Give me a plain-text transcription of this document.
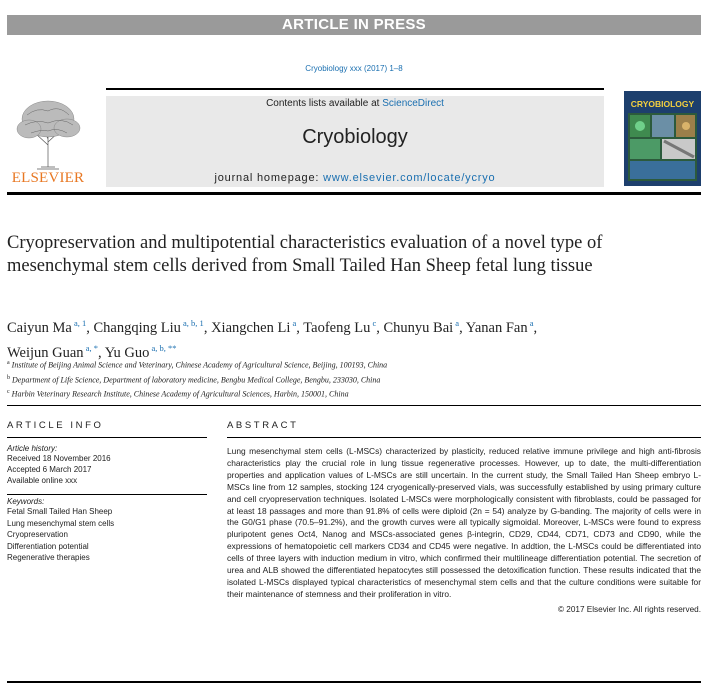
ARTICLE IN PRESS
Cryobiology xxx (2017) 1–8
ELSEVIER
Contents lists available at ScienceDirect
Cryobiology
journal homepage: www.elsevier.com/locate/ycryo
CRYOBIOLOGY
Cryopreservation and multipotential characteristics evaluation of a novel type of mesenchymal stem cells derived from Small Tailed Han Sheep fetal lung tissue
Caiyun Ma $^{a, 1}$, Changqing Liu $^{a, b, 1}$, Xiangchen Li $^a$, Taofeng Lu $^c$, Chunyu Bai $^a$, Yanan Fan $^a$,
Weijun Guan $^{a, *}$, Yu Guo $^{a, b, **}$
$^a$ Institute of Beijing Animal Science and Veterinary, Chinese Academy of Agricultural Science, Beijing, 100193, China
$^b$ Department of Life Science, Department of laboratory medicine, Bengbu Medical College, Bengbu, 233030, China
$^c$ Harbin Veterinary Research Institute, Chinese Academy of Agricultural Sciences, Harbin, 150001, China
ARTICLE INFO
Article history:
Received 18 November 2016
Accepted 6 March 2017
Available online xxx
Keywords:
Fetal Small Tailed Han Sheep
Lung mesenchymal stem cells
Cryopreservation
Differentiation potential
Regenerative therapies
ABSTRACT
Lung mesenchymal stem cells (L-MSCs) characterized by plasticity, reduced relative immune privilege and high anti-fibrosis characteristics play the crucial role in lung tissue regenerative processes. However, up to date, the multi-differentiation properties and application values of L-MSCs are still uncertain. In the current study, the Small Tailed Han Sheep embryo L-MSCs line from 12 samples, stocking 124 cryogenically-preserved vials, was successfully established by using primary culture and cell cryopreservation techniques. Isolated L-MSCs were morphologically consistent with fibroblasts, could be passaged for at least 18 passages and more than 91.8% of cells were diploid (2n = 54) analyze by G-banding. The majority of cells were in the G0/G1 phase (70.5–91.2%), and the growth curves were all typically sigmoidal. Moreover, L-MSCs were found to express pluripotent genes Oct4, Nanog and MSCs-associated genes β-integrin, CD29, CD44, CD71, CD73 and CD90, while the expressions of hematopoietic cell markers CD34 and CD45 were negative. In addtion, the L-MSCs could be differentiated into cells of three layers with induction medium in vitro, which confirmed their multilineage differentiation potential. The secretion of urea and ALB showed the differentiated hepatocytes still possessed the detoxification function. These results indicated that the isolated L-MSCs displayed typical characteristics of mesenchymal stem cells and that the culture conditions were suitable for their maintenance of stemness and their proliferation in vitro.
© 2017 Elsevier Inc. All rights reserved.
